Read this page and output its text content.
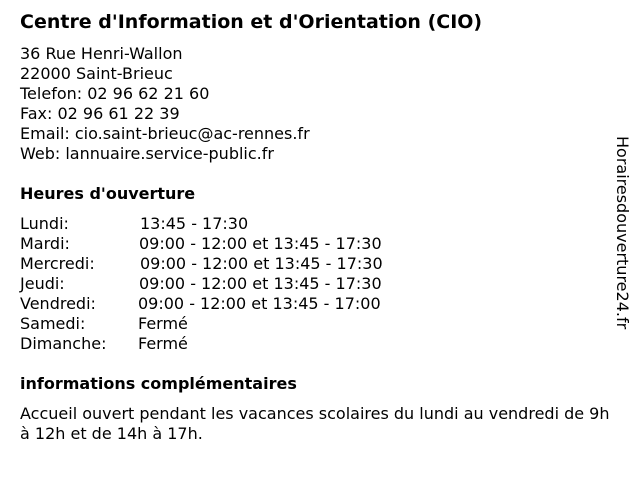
Centre d'Information et d'Orientation (CIO)
36 Rue Henri-Wallon
22000 Saint-Brieuc
Telefon: 02 96 62 21 60
Fax: 02 96 61 22 39
Email: cio.saint-brieuc@ac-rennes.fr
Web: lannuaire.service-public.fr
Heures d'ouverture
Lundi:	13:45 - 17:30
Mardi:	09:00 - 12:00 et 13:45 - 17:30
Mercredi:	09:00 - 12:00 et 13:45 - 17:30
Jeudi:	09:00 - 12:00 et 13:45 - 17:30
Vendredi:	09:00 - 12:00 et 13:45 - 17:00
Samedi:	Fermé
Dimanche: Fermé
informations complémentaires
Accueil ouvert pendant les vacances scolaires du lundi au vendredi de 9h à 12h et de 14h à 17h.
Horairesdouverture24.fr
